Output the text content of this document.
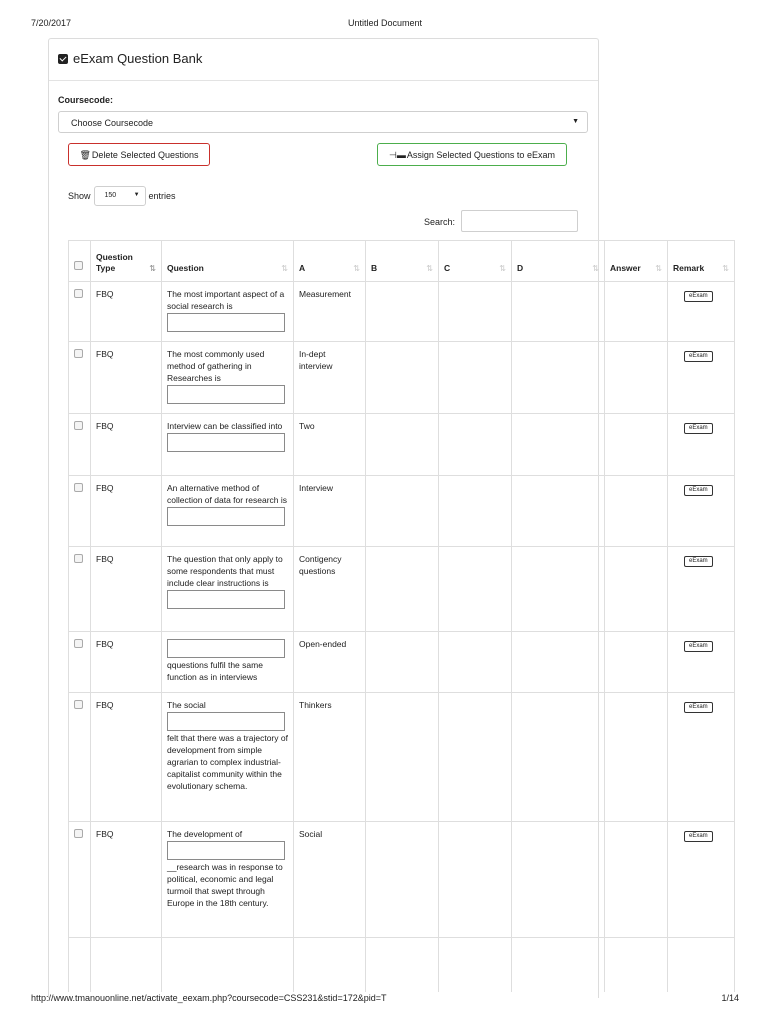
7/20/2017	Untitled Document
eExam Question Bank
Coursecode:
Choose Coursecode	▼
🗑Delete Selected Questions	⊣▬Assign Selected Questions to eExam
Show	150	▼ entries
Search:
	Question
Type ⇅	Question ⇅	A ⇅	B ⇅	C ⇅	D ⇅	Answer ⇅	Remark ⇅

	FBQ	The most important aspect of a social research is	Measurement					eExam
	FBQ	The most commonly used method of gathering in Researches is	In-dept interview					eExam
	FBQ	Interview can be classified into	Two					eExam
	FBQ	An alternative method of collection of data for research is	Interview					eExam
	FBQ	The question that only apply to some respondents that must include clear instructions is	Contigency questions					eExam
	FBQ	qquestions fulfil the same function as in interviews	Open-ended					eExam
	FBQ	The social
felt that there was a trajectory of development from simple agrarian to complex industrial-capitalist community within the evolutionary schema.	Thinkers					eExam
	FBQ	The development of
__research was in response to political, economic and legal turmoil that swept through Europe in the 18th century.	Social					eExam

http://www.tmanouonline.net/activate_eexam.php?coursecode=CSS231&stid=172&pid=T	1/14
